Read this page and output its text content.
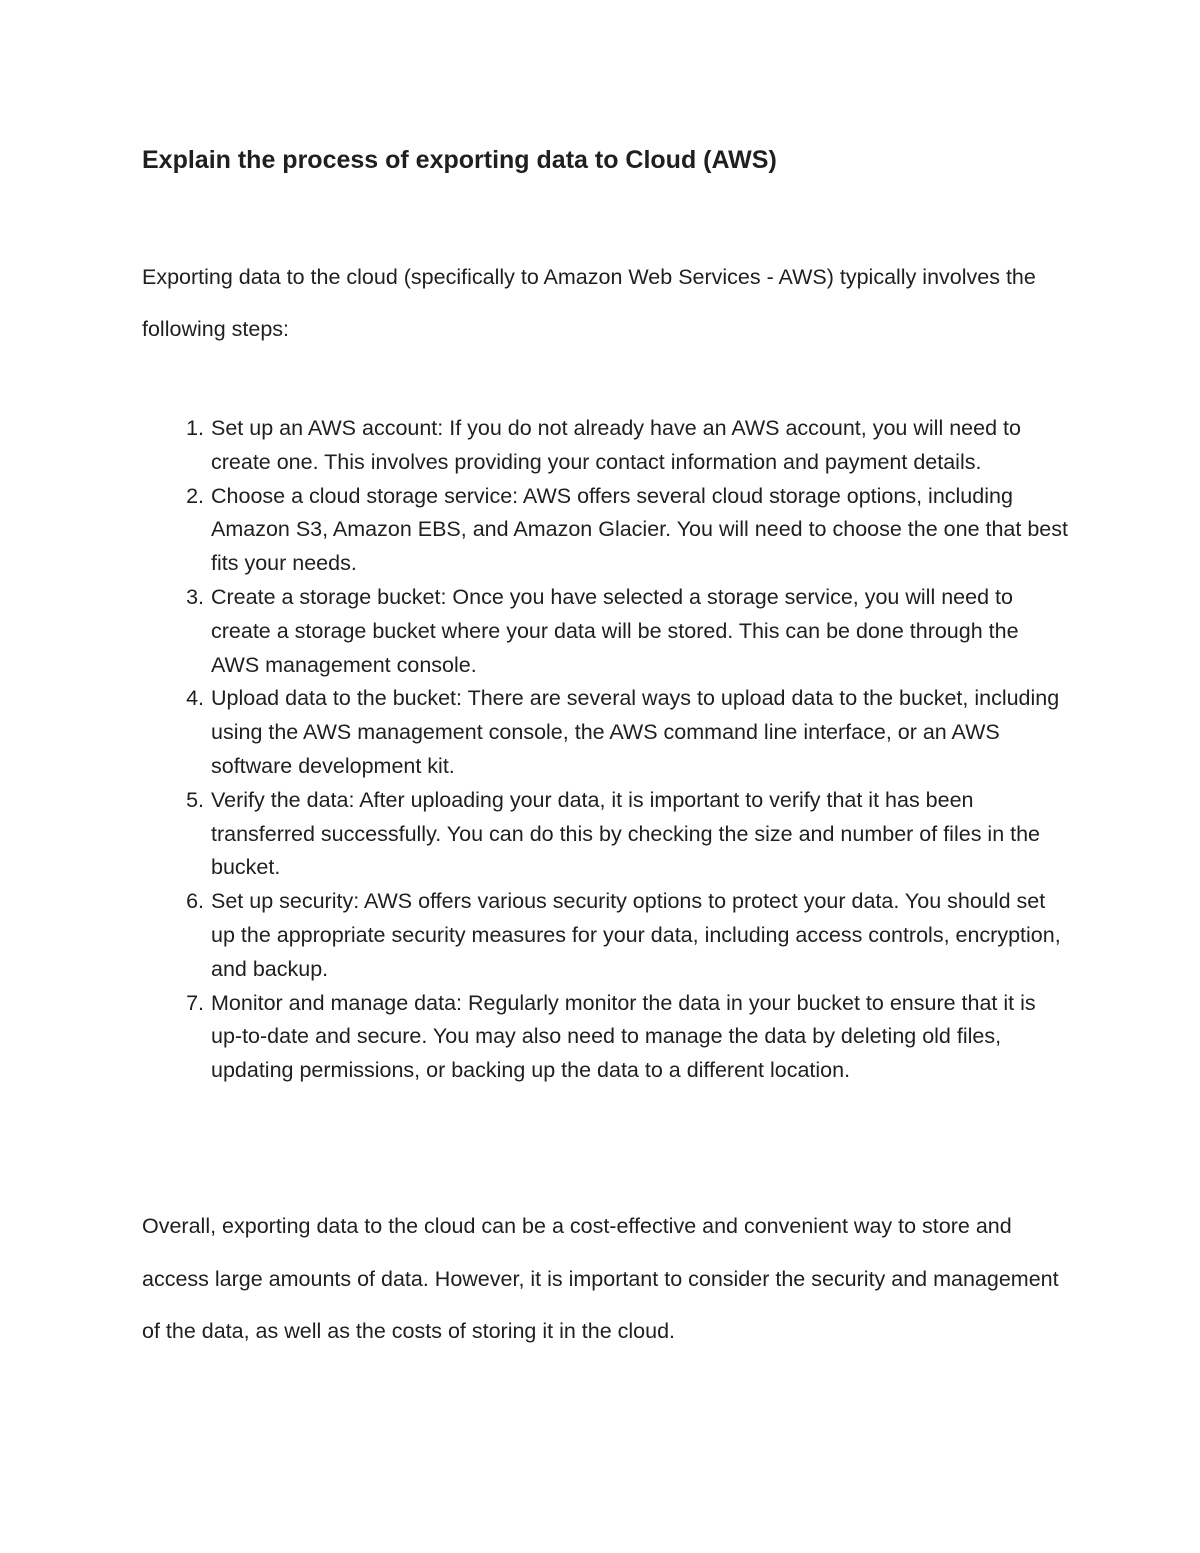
Explain the process of exporting data to Cloud (AWS)

Exporting data to the cloud (specifically to Amazon Web Services - AWS) typically involves the following steps:

1. Set up an AWS account: If you do not already have an AWS account, you will need to create one. This involves providing your contact information and payment details.
2. Choose a cloud storage service: AWS offers several cloud storage options, including Amazon S3, Amazon EBS, and Amazon Glacier. You will need to choose the one that best fits your needs.
3. Create a storage bucket: Once you have selected a storage service, you will need to create a storage bucket where your data will be stored. This can be done through the AWS management console.
4. Upload data to the bucket: There are several ways to upload data to the bucket, including using the AWS management console, the AWS command line interface, or an AWS software development kit.
5. Verify the data: After uploading your data, it is important to verify that it has been transferred successfully. You can do this by checking the size and number of files in the bucket.
6. Set up security: AWS offers various security options to protect your data. You should set up the appropriate security measures for your data, including access controls, encryption, and backup.
7. Monitor and manage data: Regularly monitor the data in your bucket to ensure that it is up-to-date and secure. You may also need to manage the data by deleting old files, updating permissions, or backing up the data to a different location.

Overall, exporting data to the cloud can be a cost-effective and convenient way to store and access large amounts of data. However, it is important to consider the security and management of the data, as well as the costs of storing it in the cloud.
